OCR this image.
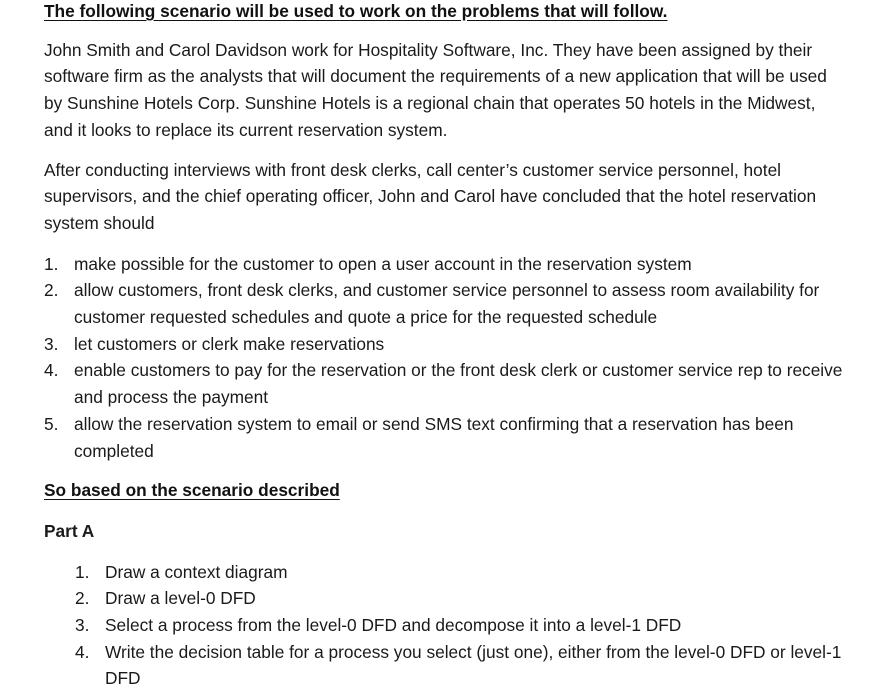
The following scenario will be used to work on the problems that will follow.

John Smith and Carol Davidson work for Hospitality Software, Inc. They have been assigned by their software firm as the analysts that will document the requirements of a new application that will be used by Sunshine Hotels Corp. Sunshine Hotels is a regional chain that operates 50 hotels in the Midwest, and it looks to replace its current reservation system.

After conducting interviews with front desk clerks, call center’s customer service personnel, hotel supervisors, and the chief operating officer, John and Carol have concluded that the hotel reservation system should

1. make possible for the customer to open a user account in the reservation system
2. allow customers, front desk clerks, and customer service personnel to assess room availability for customer requested schedules and quote a price for the requested schedule
3. let customers or clerk make reservations
4. enable customers to pay for the reservation or the front desk clerk or customer service rep to receive and process the payment
5. allow the reservation system to email or send SMS text confirming that a reservation has been completed

So based on the scenario described

Part A

1. Draw a context diagram
2. Draw a level-0 DFD
3. Select a process from the level-0 DFD and decompose it into a level-1 DFD
4. Write the decision table for a process you select (just one), either from the level-0 DFD or level-1 DFD
